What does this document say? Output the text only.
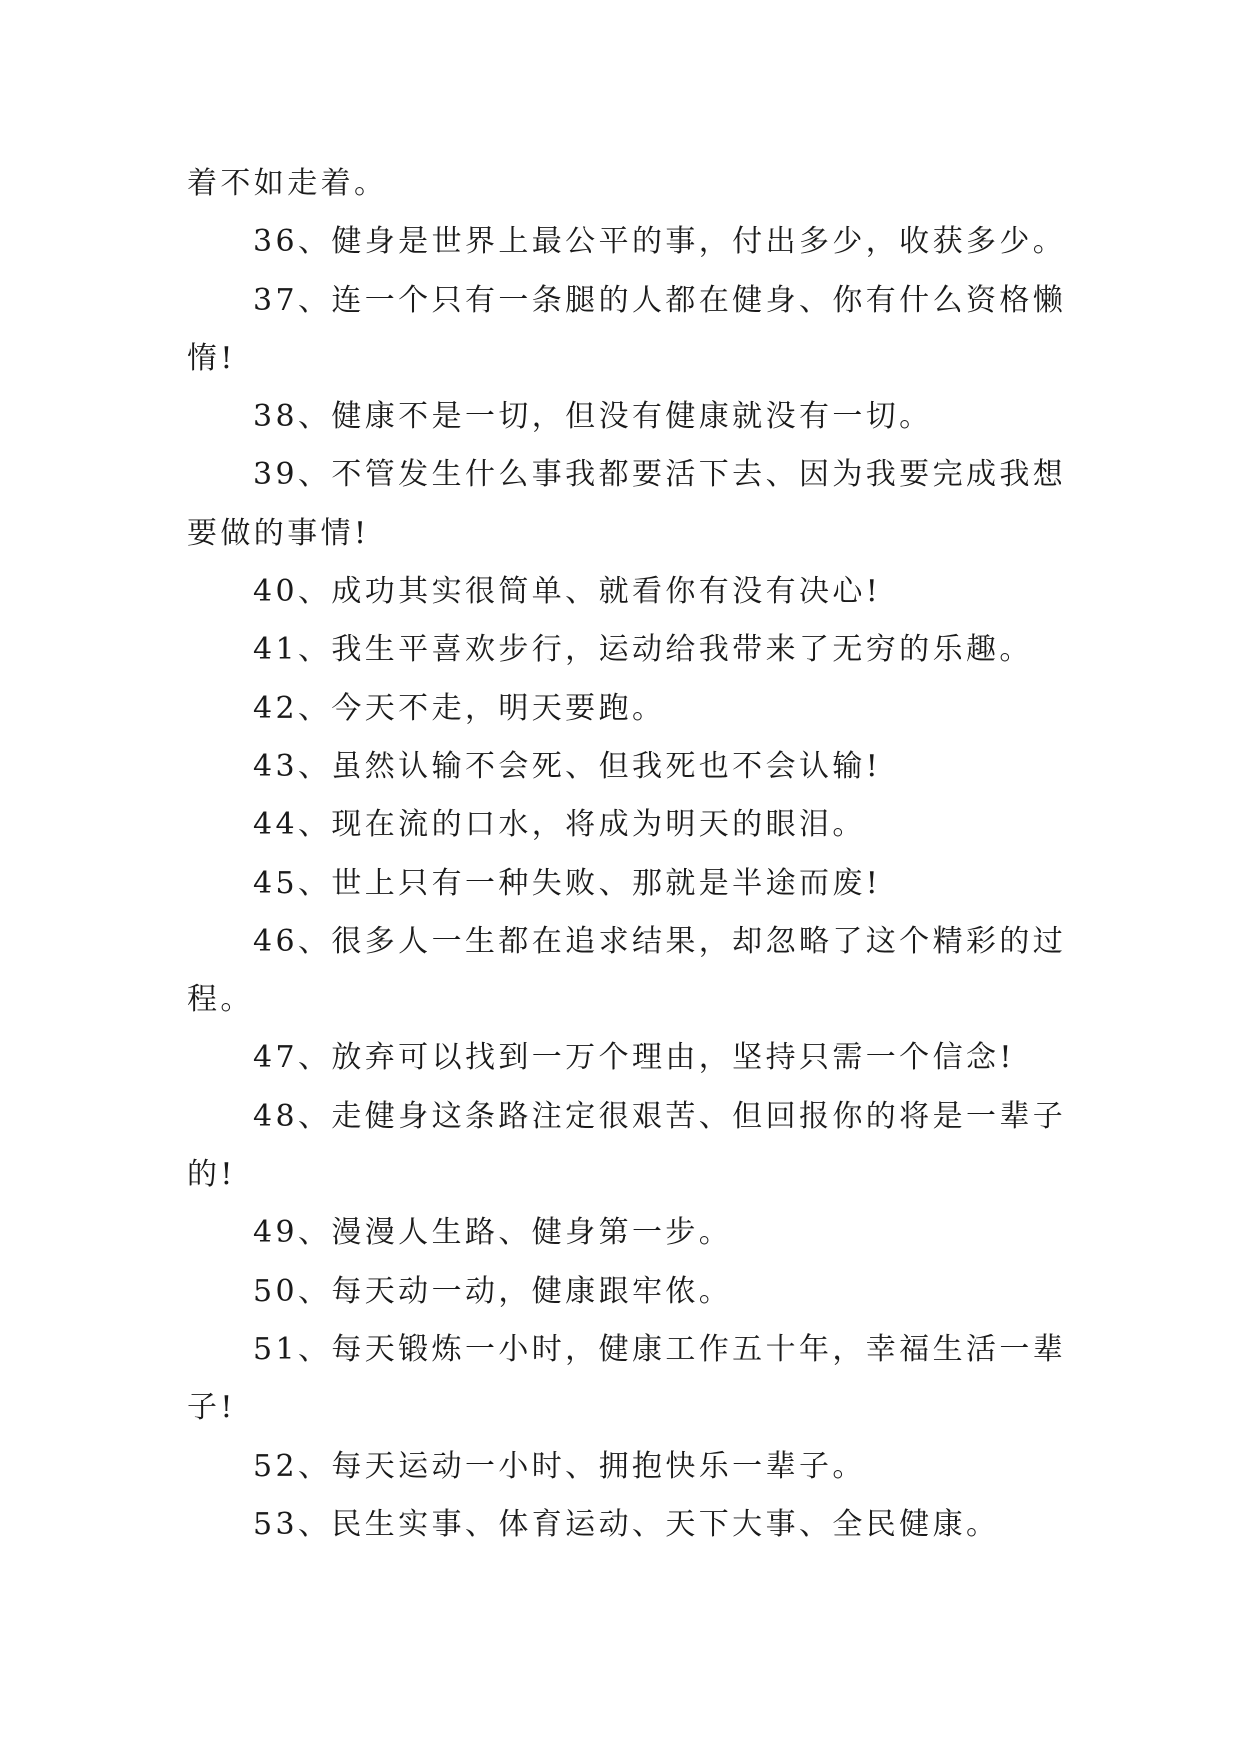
着不如走着。
36、健身是世界上最公平的事，付出多少，收获多少。
37、连一个只有一条腿的人都在健身、你有什么资格懒
惰!
38、健康不是一切，但没有健康就没有一切。
39、不管发生什么事我都要活下去、因为我要完成我想
要做的事情!
40、成功其实很简单、就看你有没有决心!
41、我生平喜欢步行，运动给我带来了无穷的乐趣。
42、今天不走，明天要跑。
43、虽然认输不会死、但我死也不会认输!
44、现在流的口水，将成为明天的眼泪。
45、世上只有一种失败、那就是半途而废!
46、很多人一生都在追求结果，却忽略了这个精彩的过
程。
47、放弃可以找到一万个理由，坚持只需一个信念!
48、走健身这条路注定很艰苦、但回报你的将是一辈子
的!
49、漫漫人生路、健身第一步。
50、每天动一动，健康跟牢侬。
51、每天锻炼一小时，健康工作五十年，幸福生活一辈
子!
52、每天运动一小时、拥抱快乐一辈子。
53、民生实事、体育运动、天下大事、全民健康。
